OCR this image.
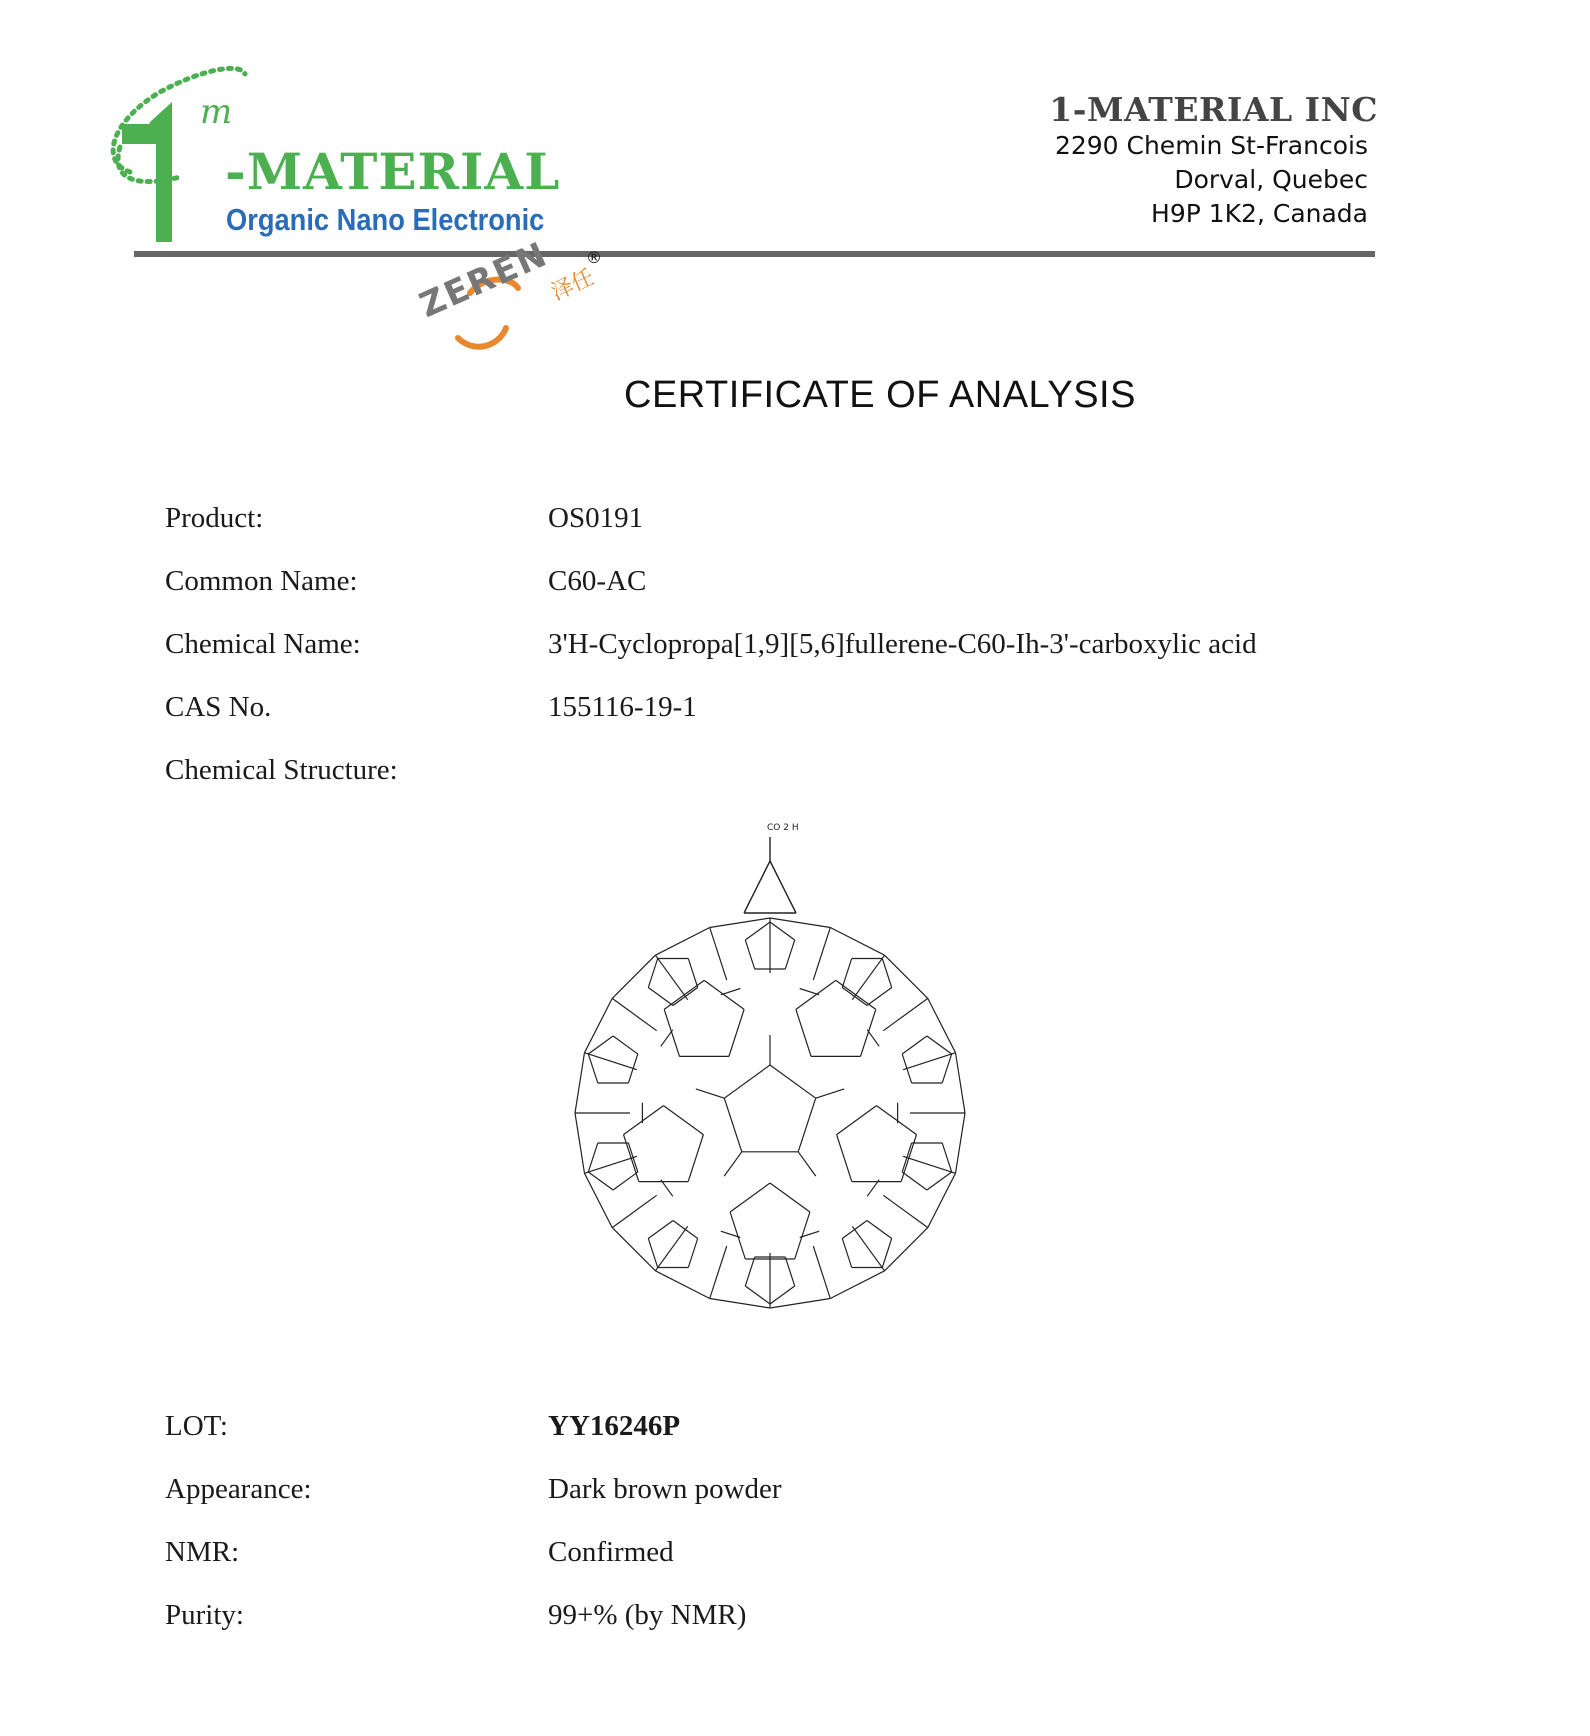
m
-MATERIAL
Organic Nano Electronic
1-MATERIAL INC
2290 Chemin St-Francois
Dorval, Quebec
H9P 1K2, Canada
ZEREN
泽任
®
CERTIFICATE OF ANALYSIS
Product:	OS0191
Common Name:	C60-AC
Chemical Name:	3'H-Cyclopropa[1,9][5,6]fullerene-C60-Ih-3'-carboxylic acid
CAS No.	155116-19-1
Chemical Structure:
CO 2 H
LOT:	YY16246P
Appearance:	Dark brown powder
NMR:	Confirmed
Purity:	99+% (by NMR)
